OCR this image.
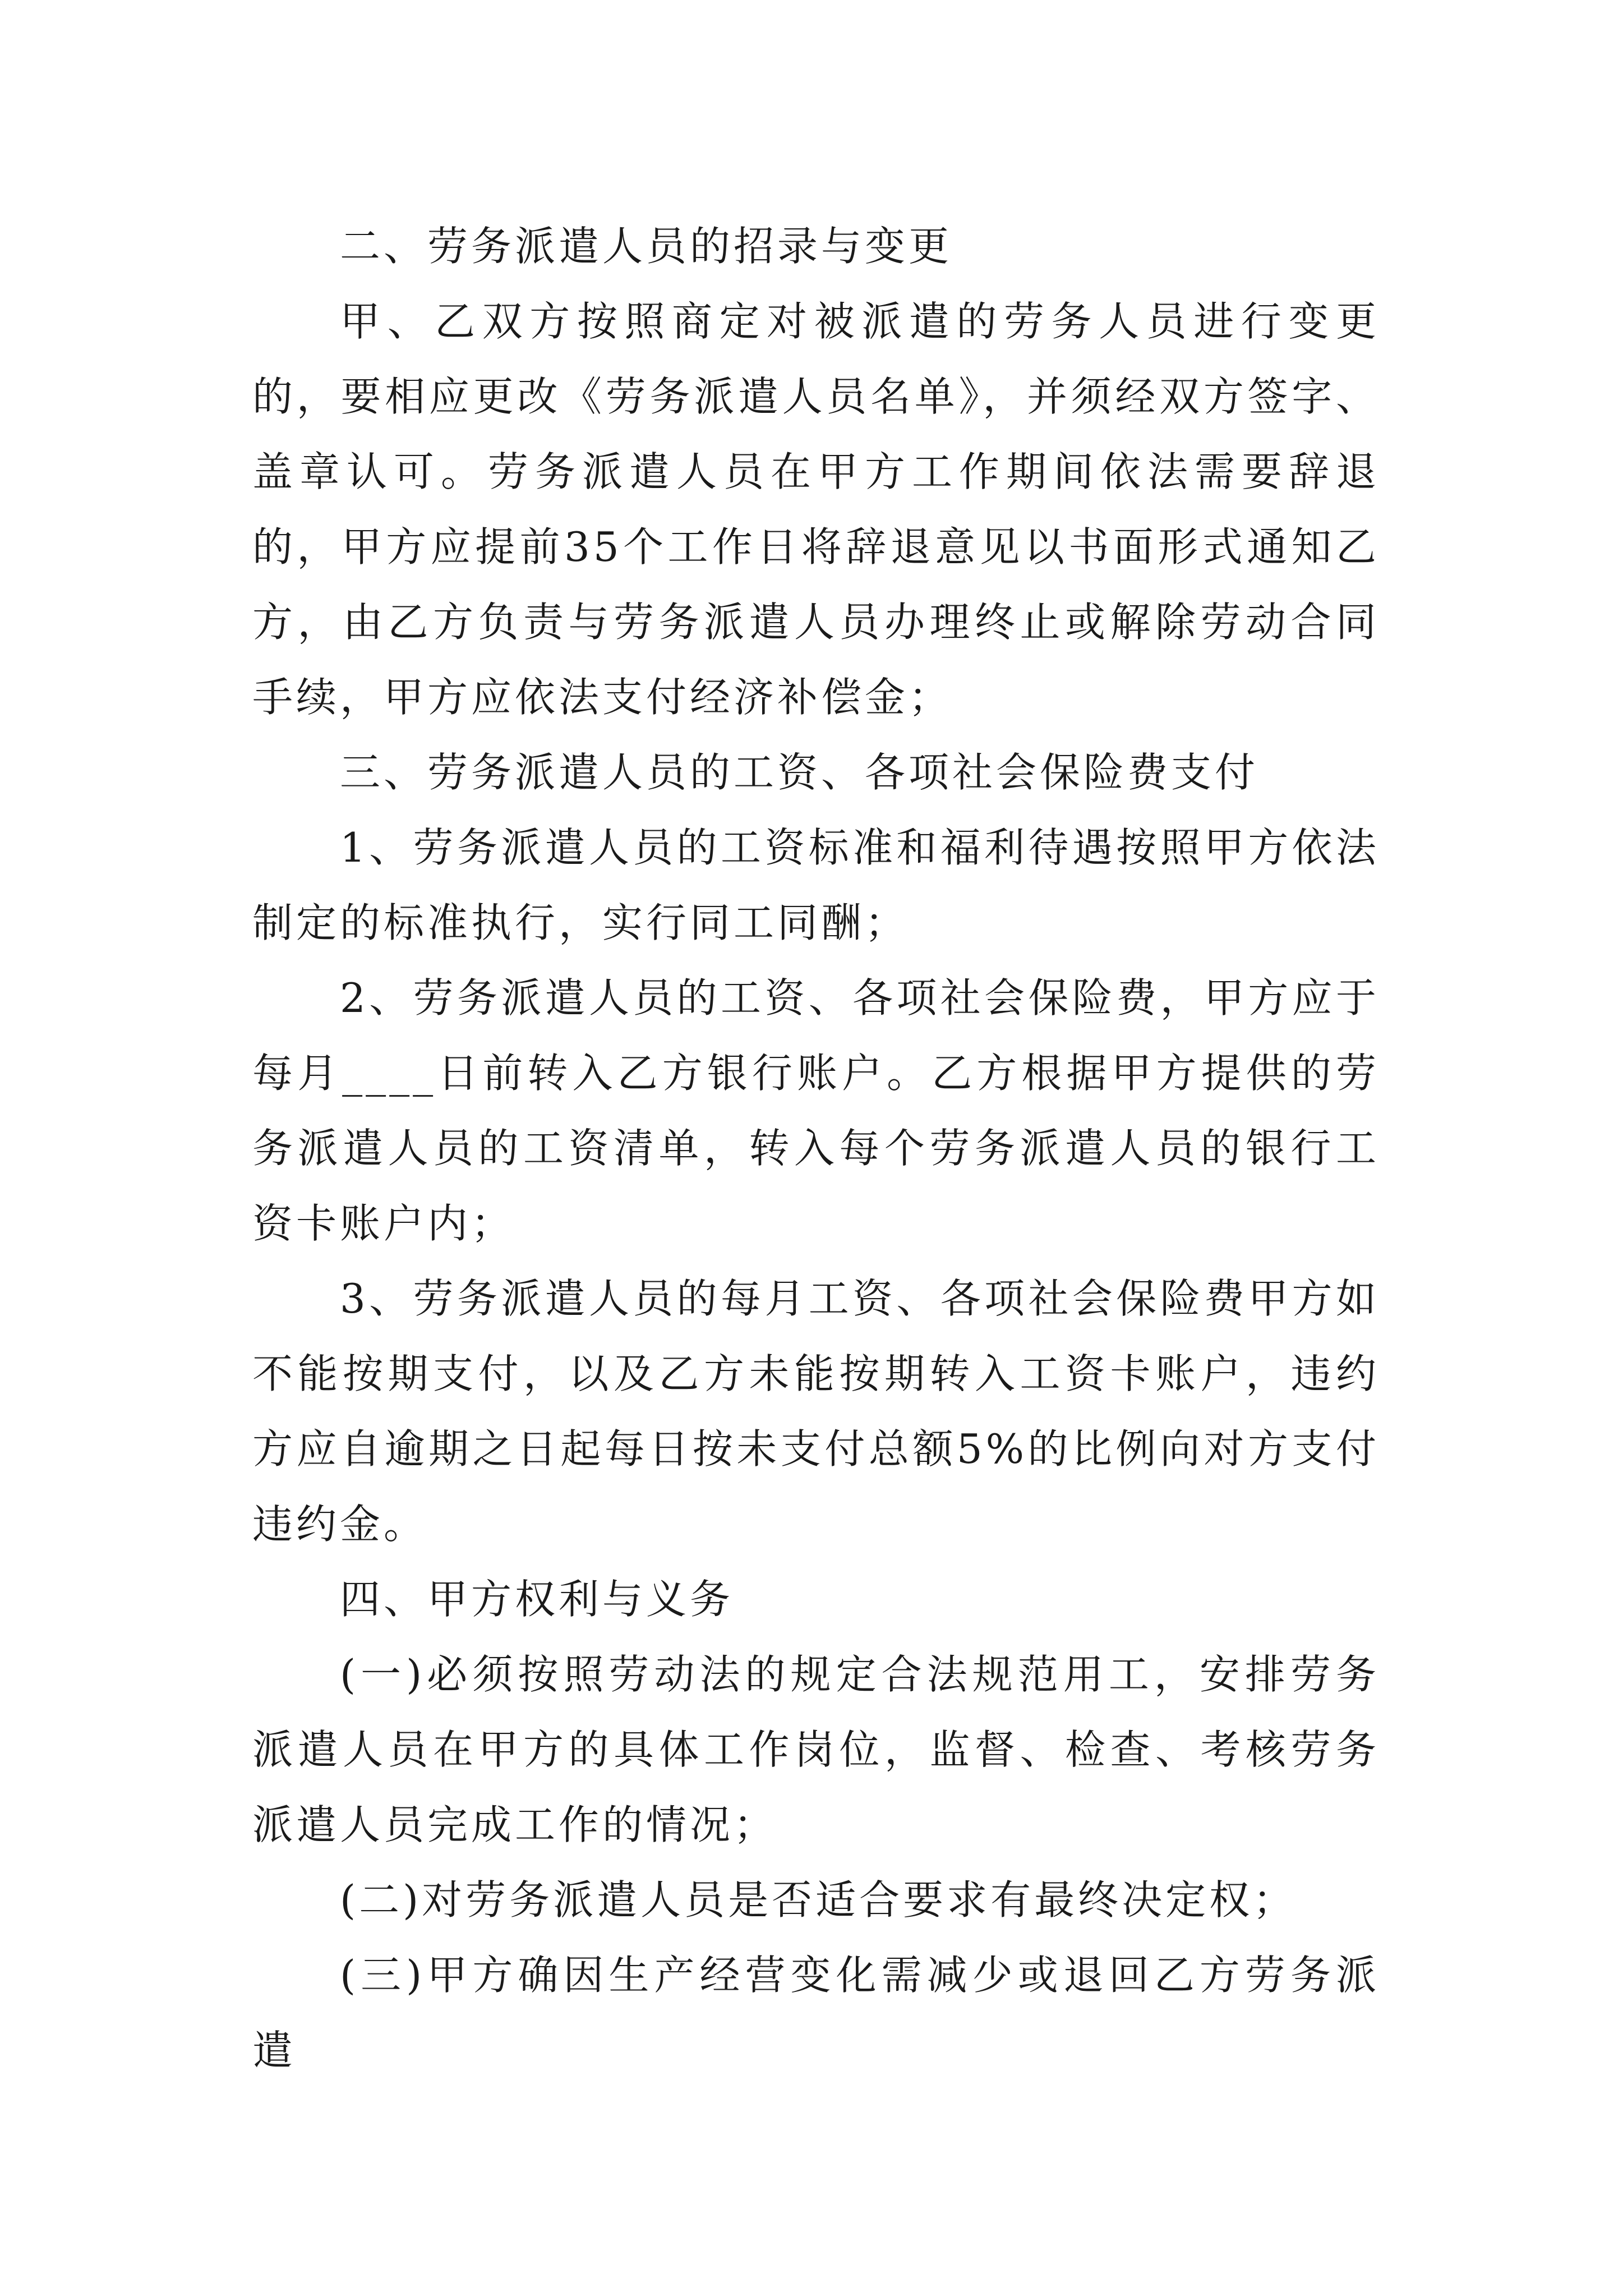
二、劳务派遣人员的招录与变更

甲、乙双方按照商定对被派遣的劳务人员进行变更的，要相应更改《劳务派遣人员名单》，并须经双方签字、盖章认可。劳务派遣人员在甲方工作期间依法需要辞退的，甲方应提前35个工作日将辞退意见以书面形式通知乙方，由乙方负责与劳务派遣人员办理终止或解除劳动合同手续，甲方应依法支付经济补偿金；

三、劳务派遣人员的工资、各项社会保险费支付

1、劳务派遣人员的工资标准和福利待遇按照甲方依法制定的标准执行，实行同工同酬；

2、劳务派遣人员的工资、各项社会保险费，甲方应于每月____日前转入乙方银行账户。乙方根据甲方提供的劳务派遣人员的工资清单，转入每个劳务派遣人员的银行工资卡账户内；

3、劳务派遣人员的每月工资、各项社会保险费甲方如不能按期支付，以及乙方未能按期转入工资卡账户，违约方应自逾期之日起每日按未支付总额5%的比例向对方支付违约金。

四、甲方权利与义务

(一)必须按照劳动法的规定合法规范用工，安排劳务派遣人员在甲方的具体工作岗位，监督、检查、考核劳务派遣人员完成工作的情况；

(二)对劳务派遣人员是否适合要求有最终决定权；

(三)甲方确因生产经营变化需减少或退回乙方劳务派遣
